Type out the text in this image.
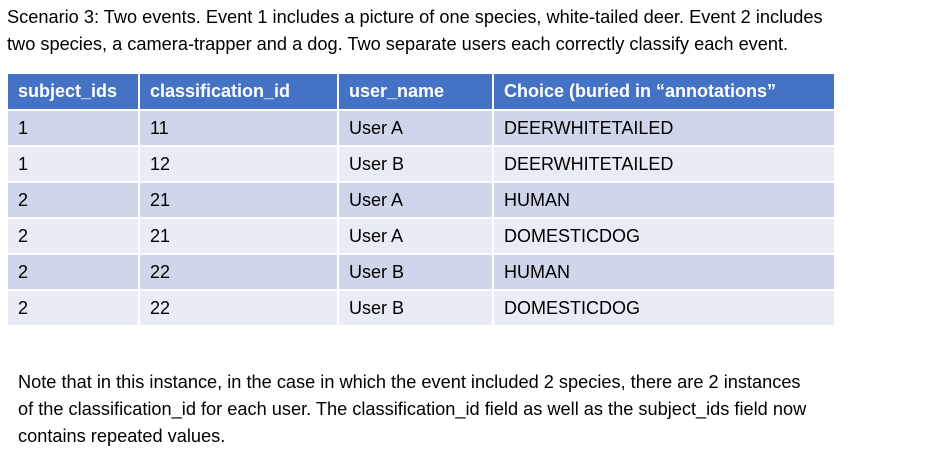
Scenario 3: Two events. Event 1 includes a picture of one species, white-tailed deer. Event 2 includes
two species, a camera-trapper and a dog. Two separate users each correctly classify each event.

subject_ids	classification_id	user_name	Choice (buried in “annotations”
1	11	User A	DEERWHITETAILED
1	12	User B	DEERWHITETAILED
2	21	User A	HUMAN
2	21	User A	DOMESTICDOG
2	22	User B	HUMAN
2	22	User B	DOMESTICDOG

Note that in this instance, in the case in which the event included 2 species, there are 2 instances
of the classification_id for each user. The classification_id field as well as the subject_ids field now
contains repeated values.
